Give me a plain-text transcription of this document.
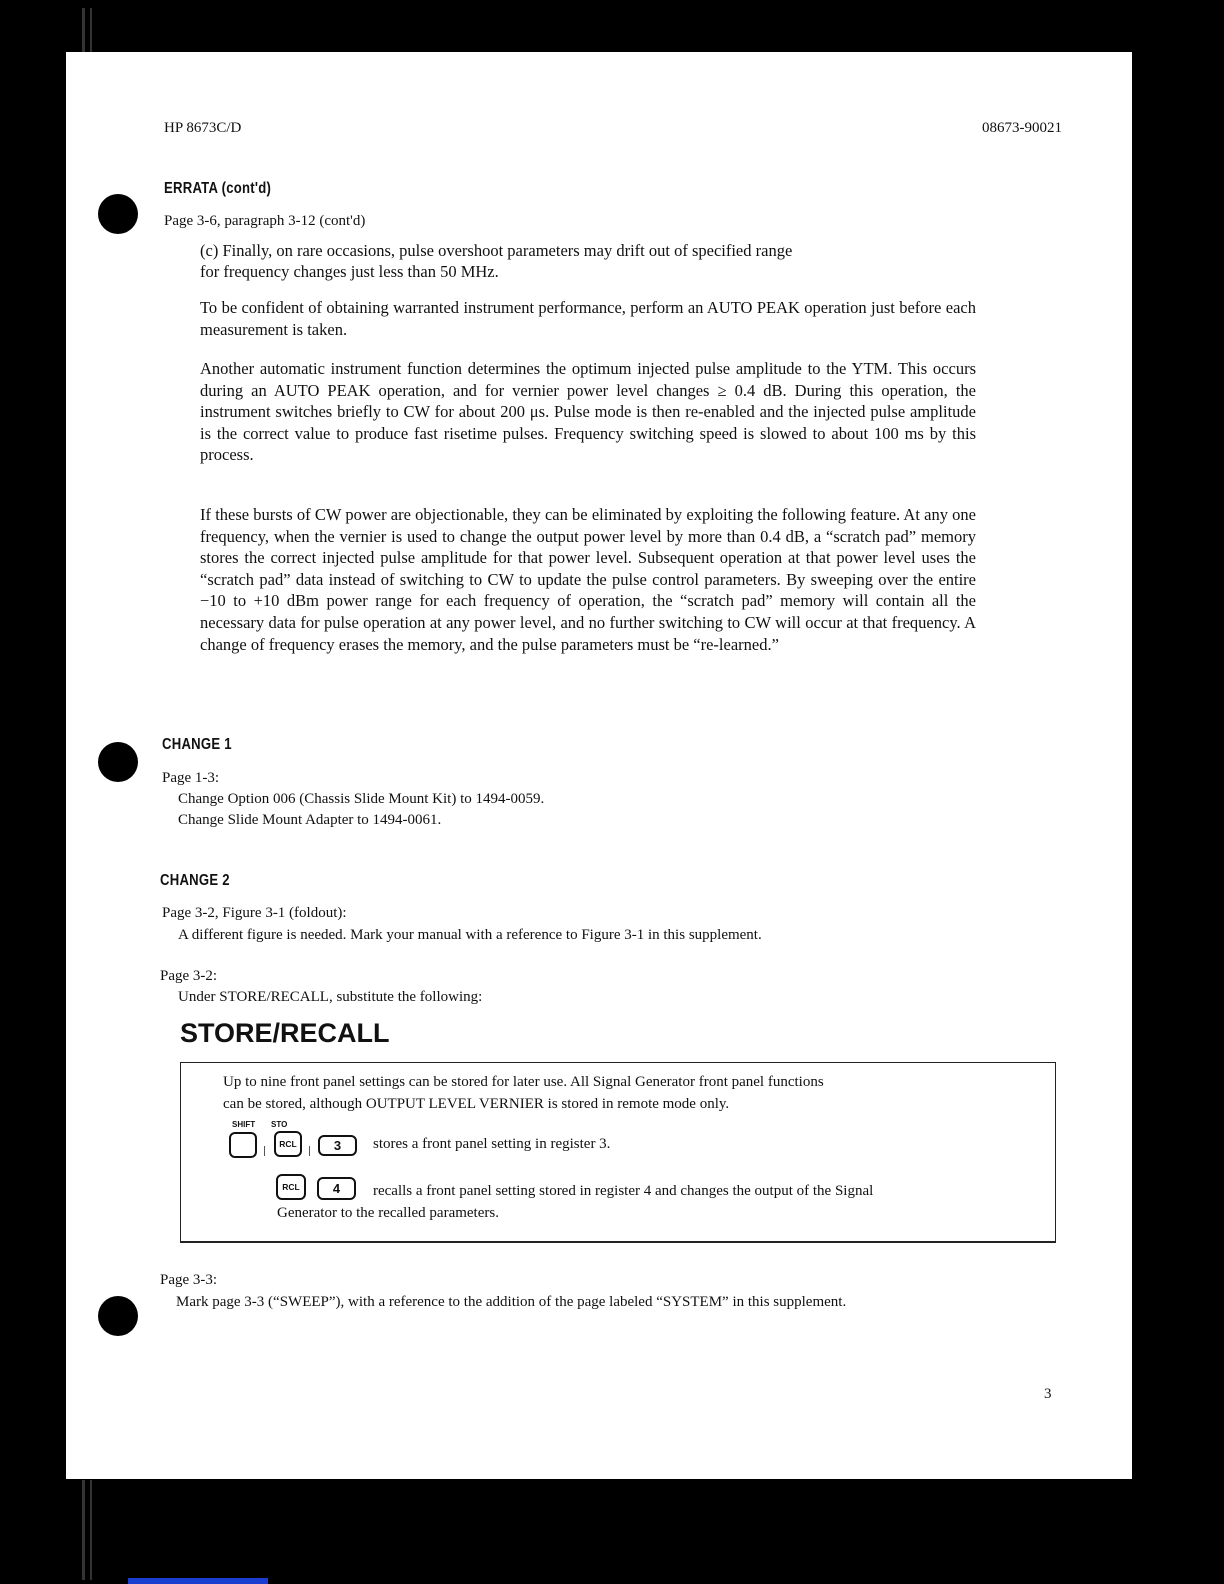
HP 8673C/D	08673-90021
ERRATA (cont'd)
Page 3-6, paragraph 3-12 (cont'd)
(c) Finally, on rare occasions, pulse overshoot parameters may drift out of specified range
for frequency changes just less than 50 MHz.
To be confident of obtaining warranted instrument performance, perform an AUTO PEAK operation just before each measurement is taken.
Another automatic instrument function determines the optimum injected pulse amplitude to the YTM. This occurs during an AUTO PEAK operation, and for vernier power level changes ≥ 0.4 dB. During this operation, the instrument switches briefly to CW for about 200 μs. Pulse mode is then re-enabled and the injected pulse amplitude is the correct value to produce fast risetime pulses. Frequency switching speed is slowed to about 100 ms by this process.
If these bursts of CW power are objectionable, they can be eliminated by exploiting the following feature. At any one frequency, when the vernier is used to change the output power level by more than 0.4 dB, a “scratch pad” memory stores the correct injected pulse amplitude for that power level. Subsequent operation at that power level uses the “scratch pad” data instead of switching to CW to update the pulse control parameters. By sweeping over the entire −10 to +10 dBm power range for each frequency of operation, the “scratch pad” memory will contain all the necessary data for pulse operation at any power level, and no further switching to CW will occur at that frequency. A change of frequency erases the memory, and the pulse parameters must be “re-learned.”
CHANGE 1
Page 1-3:
Change Option 006 (Chassis Slide Mount Kit) to 1494-0059.
Change Slide Mount Adapter to 1494-0061.
CHANGE 2
Page 3-2, Figure 3-1 (foldout):
A different figure is needed. Mark your manual with a reference to Figure 3-1 in this supplement.
Page 3-2:
Under STORE/RECALL, substitute the following:
STORE/RECALL
Up to nine front panel settings can be stored for later use. All Signal Generator front panel functions
can be stored, although OUTPUT LEVEL VERNIER is stored in remote mode only.
SHIFT STO
RCL	3	stores a front panel setting in register 3.
RCL	4	recalls a front panel setting stored in register 4 and changes the output of the Signal
Generator to the recalled parameters.
Page 3-3:
Mark page 3-3 (“SWEEP”), with a reference to the addition of the page labeled “SYSTEM” in this supplement.
3
